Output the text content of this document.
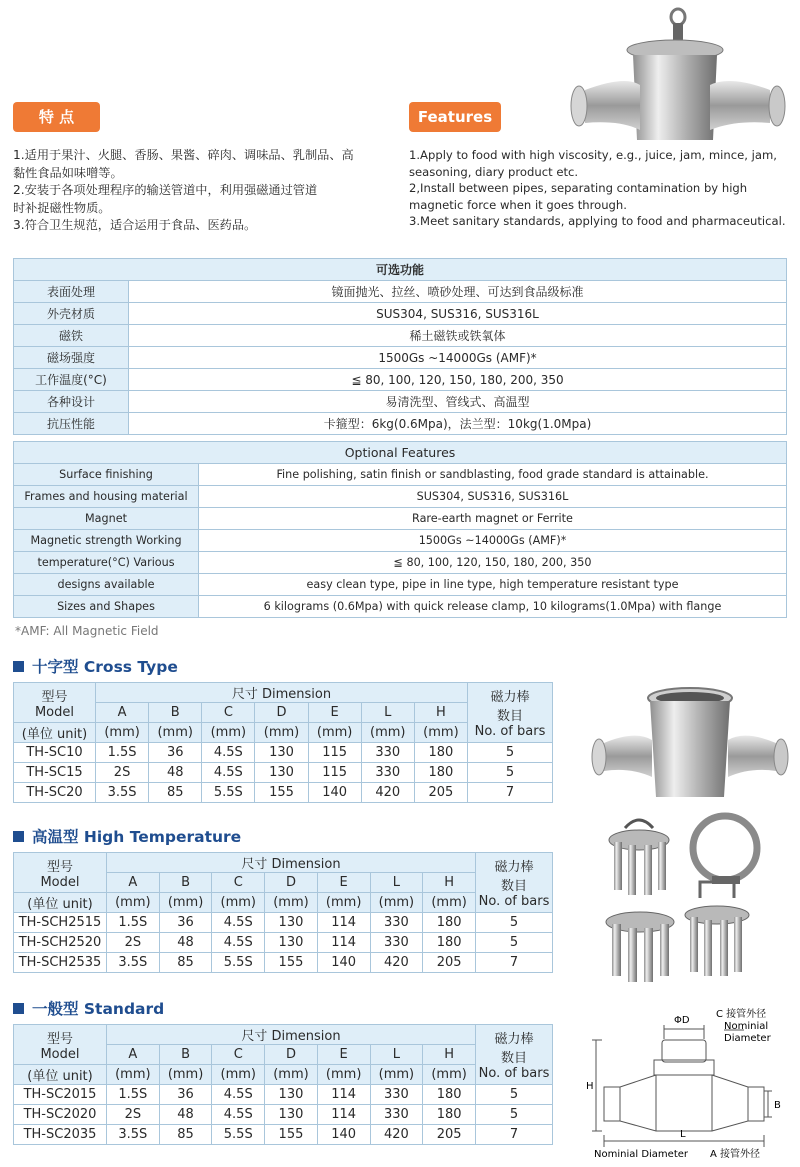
特 点
1.适用于果汁、火腿、香肠、果酱、碎肉、调味品、乳制品、高
黏性食品如味噌等。
2.安装于各项处理程序的输送管道中，利用强磁通过管道
时补捉磁性物质。
3.符合卫生规范，适合运用于食品、医药品。
Features
1.Apply to food with high viscosity, e.g., juice, jam, mince, jam,
seasoning, diary product etc.
2,Install between pipes, separating contamination by high
magnetic force when it goes through.
3.Meet sanitary standards, applying to food and pharmaceutical.
可选功能	
表面处理	镜面抛光、拉丝、喷砂处理、可达到食品级标准
外壳材质	SUS304, SUS316, SUS316L
磁铁	稀土磁铁或铁氧体
磁场强度	1500Gs ~14000Gs (AMF)*
工作温度(°C)	≦ 80, 100, 120, 150, 180, 200, 350
各种设计	易清洗型、管线式、高温型
抗压性能	卡箍型：6kg(0.6Mpa)，法兰型：10kg(1.0Mpa)
Optional Features	
Surface finishing	Fine polishing, satin finish or sandblasting, food grade standard is attainable.
Frames and housing material	SUS304, SUS316, SUS316L
Magnet	Rare-earth magnet or Ferrite
Magnetic strength Working	1500Gs ~14000Gs (AMF)*
temperature(°C) Various	≦ 80, 100, 120, 150, 180, 200, 350
designs available	easy clean type, pipe in line type, high temperature resistant type
Sizes and Shapes	6 kilograms (0.6Mpa) with quick release clamp, 10 kilograms(1.0Mpa) with flange
*AMF: All Magnetic Field
十字型 Cross Type
型号
Model	尺寸 Dimension							磁力棒
数目
No. of bars
	A	B	C	D	E	L	H	
(单位 unit)	(mm)	(mm)	(mm)	(mm)	(mm)	(mm)	(mm)	
TH-SC10	1.5S	36	4.5S	130	115	330	180	5
TH-SC15	2S	48	4.5S	130	115	330	180	5
TH-SC20	3.5S	85	5.5S	155	140	420	205	7
高温型 High Temperature
型号
Model	尺寸 Dimension							磁力棒
数目
No. of bars
	A	B	C	D	E	L	H	
(单位 unit)	(mm)	(mm)	(mm)	(mm)	(mm)	(mm)	(mm)	
TH-SCH2515	1.5S	36	4.5S	130	114	330	180	5
TH-SCH2520	2S	48	4.5S	130	114	330	180	5
TH-SCH2535	3.5S	85	5.5S	155	140	420	205	7
一般型 Standard
型号
Model	尺寸 Dimension							磁力棒
数目
No. of bars
	A	B	C	D	E	L	H	
(单位 unit)	(mm)	(mm)	(mm)	(mm)	(mm)	(mm)	(mm)	
TH-SC2015	1.5S	36	4.5S	130	114	330	180	5
TH-SC2020	2S	48	4.5S	130	114	330	180	5
TH-SC2035	3.5S	85	5.5S	155	140	420	205	7
ΦD
C 接管外径
Nominial
Diameter
H
B
L
Nominial Diameter A 接管外径
